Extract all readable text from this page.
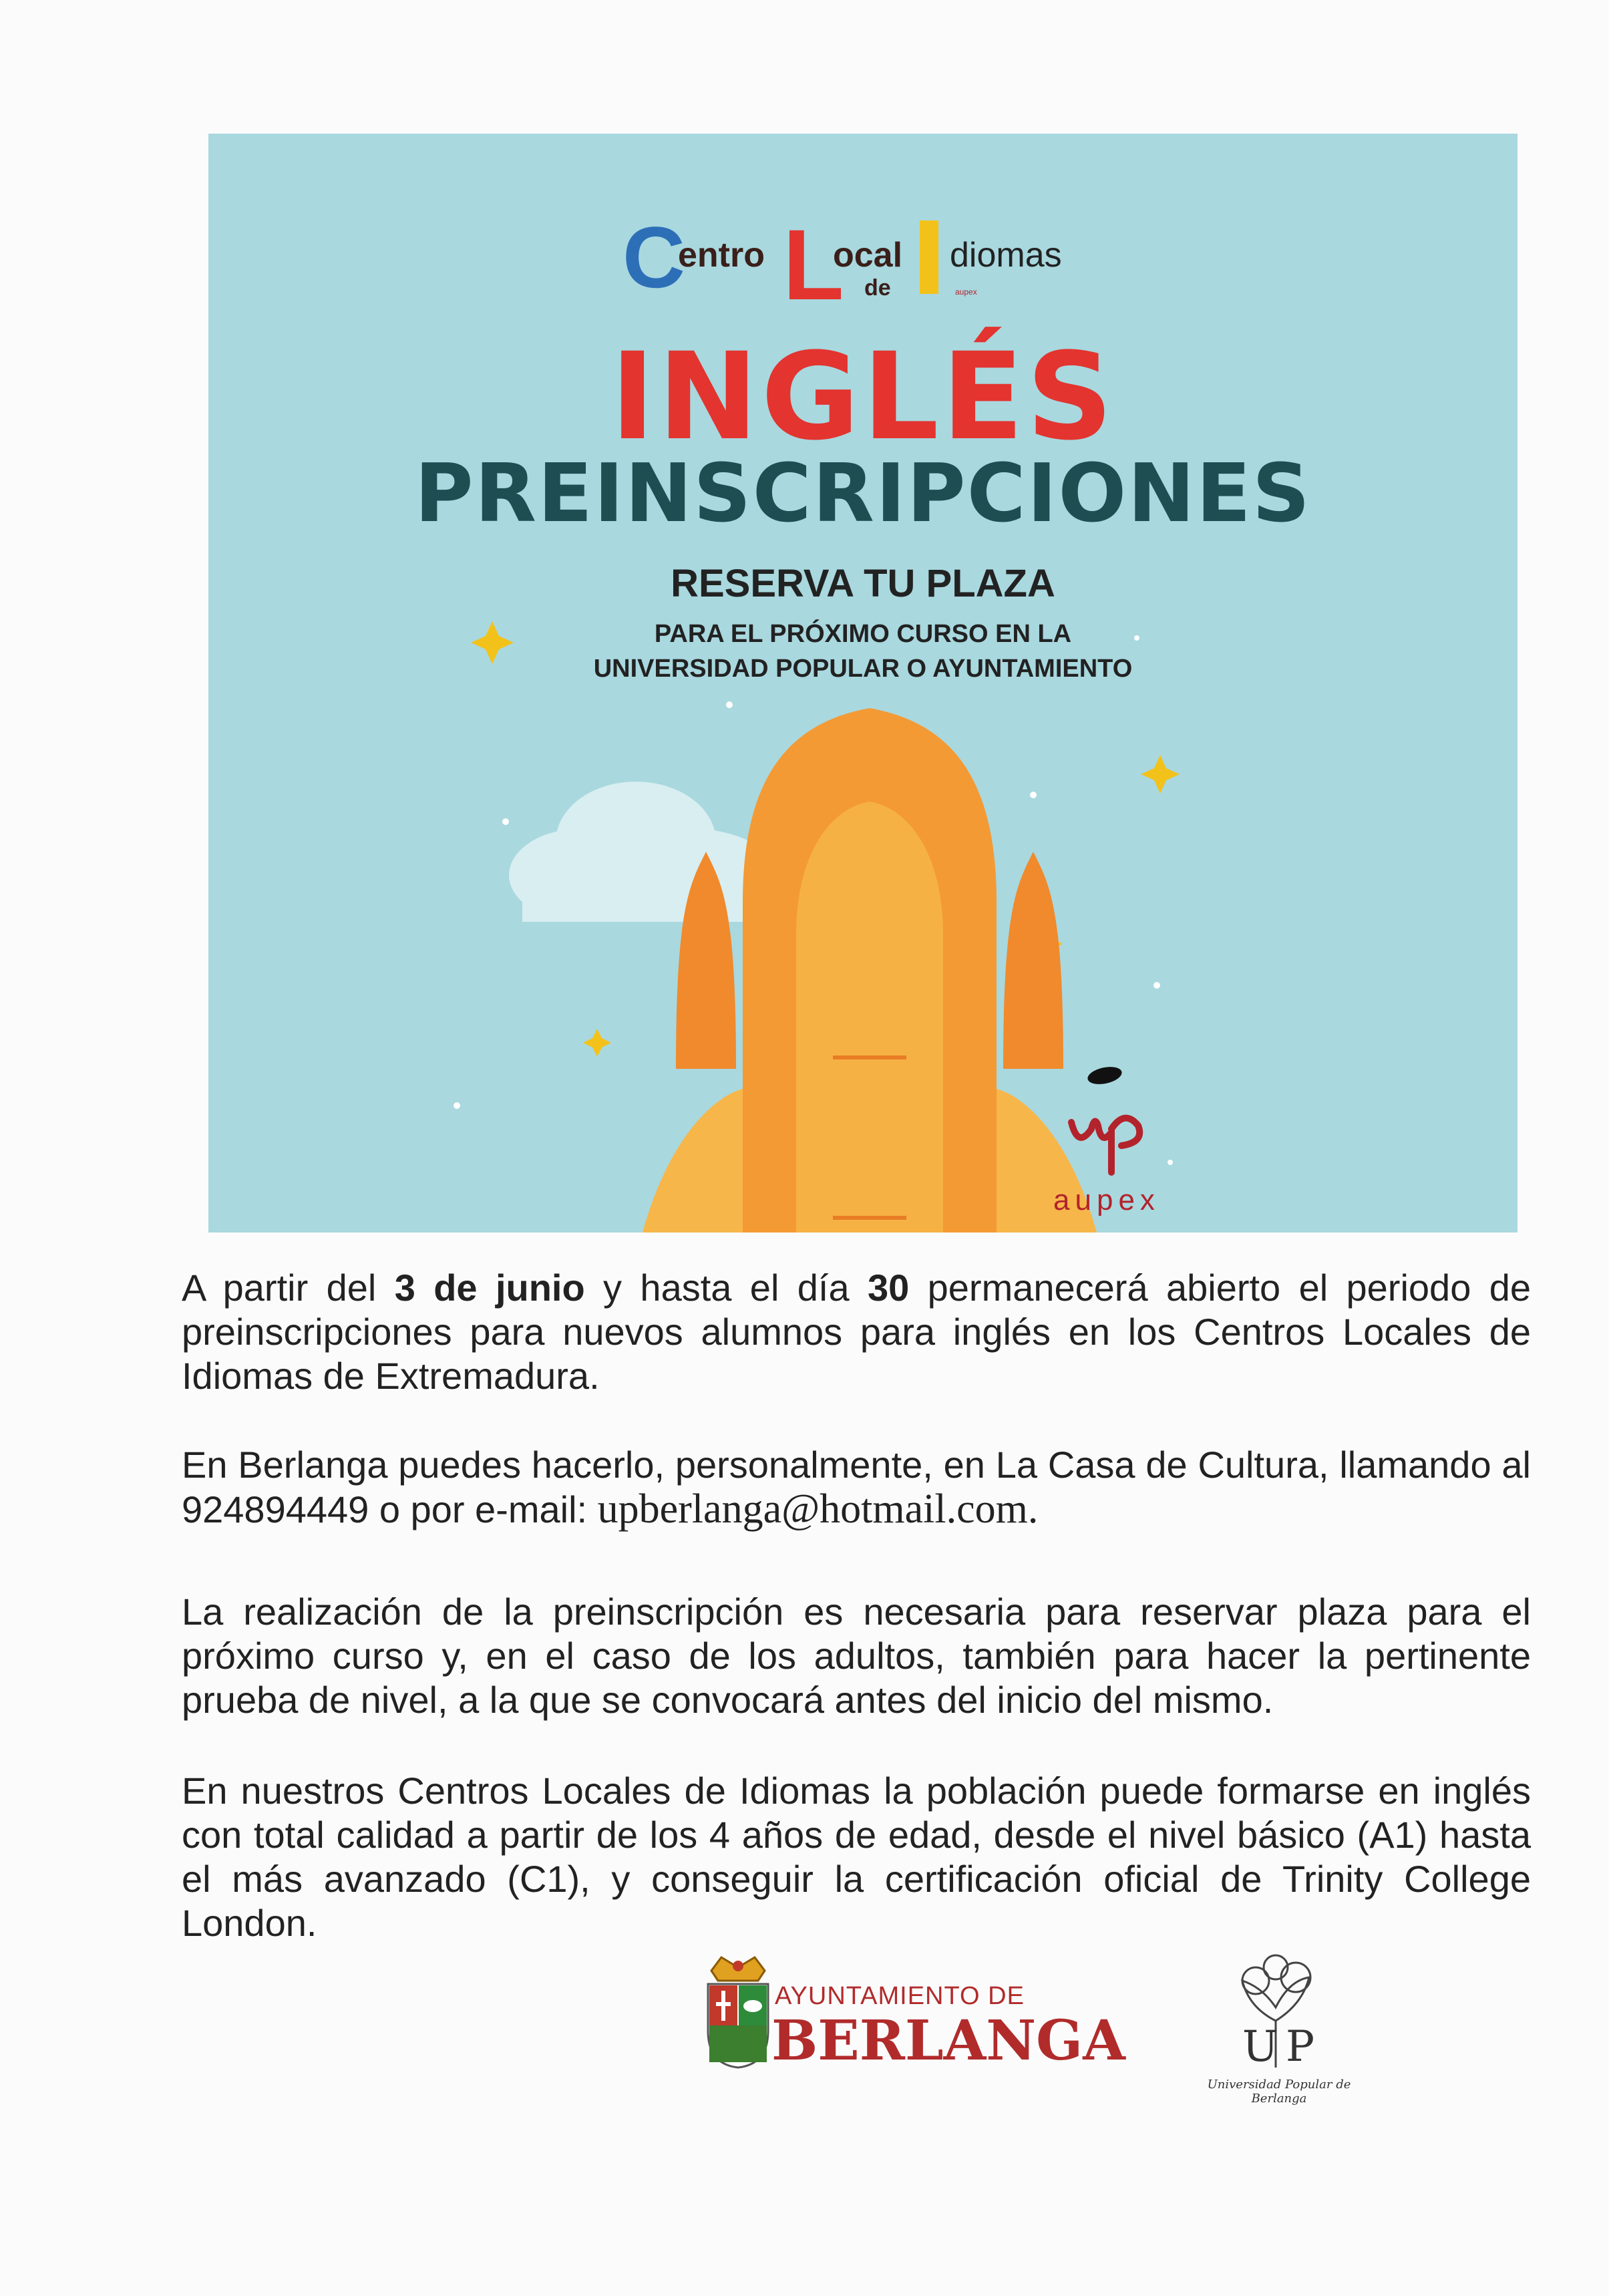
C
entro L
ocal
de
diomas
aupex
INGLÉS
PREINSCRIPCIONES
RESERVA TU PLAZA
PARA EL PRÓXIMO CURSO EN LA
UNIVERSIDAD POPULAR O AYUNTAMIENTO
aupex

A partir del 3 de junio y hasta el día 30 permanecerá abierto el periodo de preinscripciones para nuevos alumnos para inglés en los Centros Locales de Idiomas de Extremadura.

En Berlanga puedes hacerlo, personalmente, en La Casa de Cultura, llamando al 924894449 o por e-mail: upberlanga@hotmail.com.

La realización de la preinscripción es necesaria para reservar plaza para el próximo curso y, en el caso de los adultos, también para hacer la pertinente prueba de nivel, a la que se convocará antes del inicio del mismo.

En nuestros Centros Locales de Idiomas la población puede formarse en inglés con total calidad a partir de los 4 años de edad, desde el nivel básico (A1) hasta el más avanzado (C1), y conseguir la certificación oficial de Trinity College London.

AYUNTAMIENTO DE
BERLANGA	U P
Universidad Popular de Berlanga
